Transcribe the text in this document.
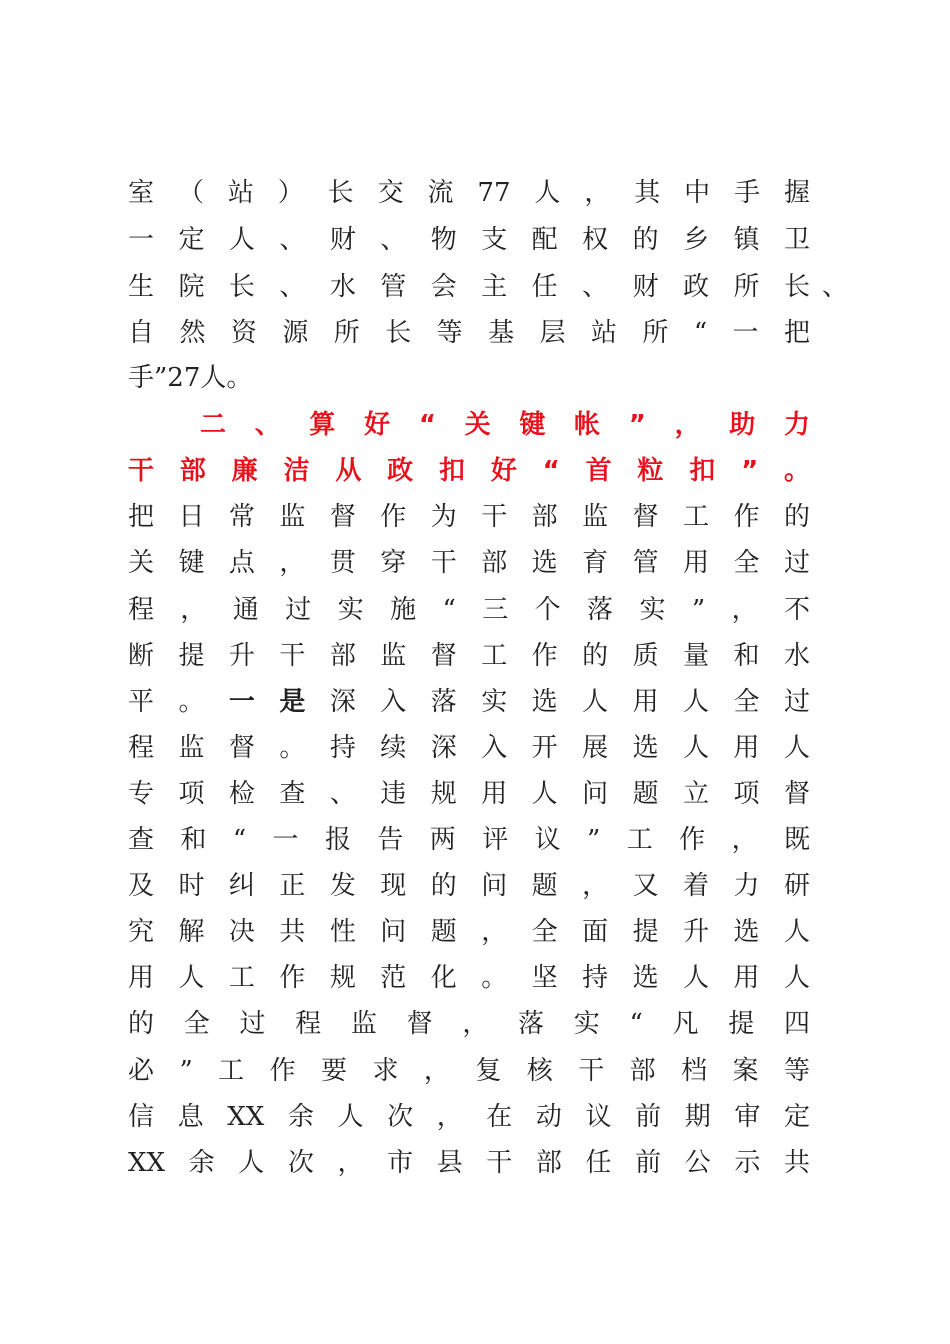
室（站）长交流77人，其中手握

一定人、财、物支配权的乡镇卫

生院长、水管会主任、财政所长 、

自然资源所长等基层站所“一把

手”27人。

二、算好“关键帐”，助力

干部廉洁从政扣好“首粒扣”。

把日常监督作为干部监督工作的

关键点，贯穿干部选育管用全过

程，通过实施“三个落实”，不

断提升干部监督工作的质量和水

平。一是深入落实选人用人全过

程监督。持续深入开展选人用人

专项检查、违规用人问题立项督

查和“一报告两评议”工作，既

及时纠正发现的问题，又着力研

究解决共性问题，全面提升选人

用人工作规范化。坚持选人用人

的全过程监督，落实“凡提四

必”工作要求，复核干部档案等

信息XX余人次，在动议前期审定

XX余人次，市县干部任前公示共
